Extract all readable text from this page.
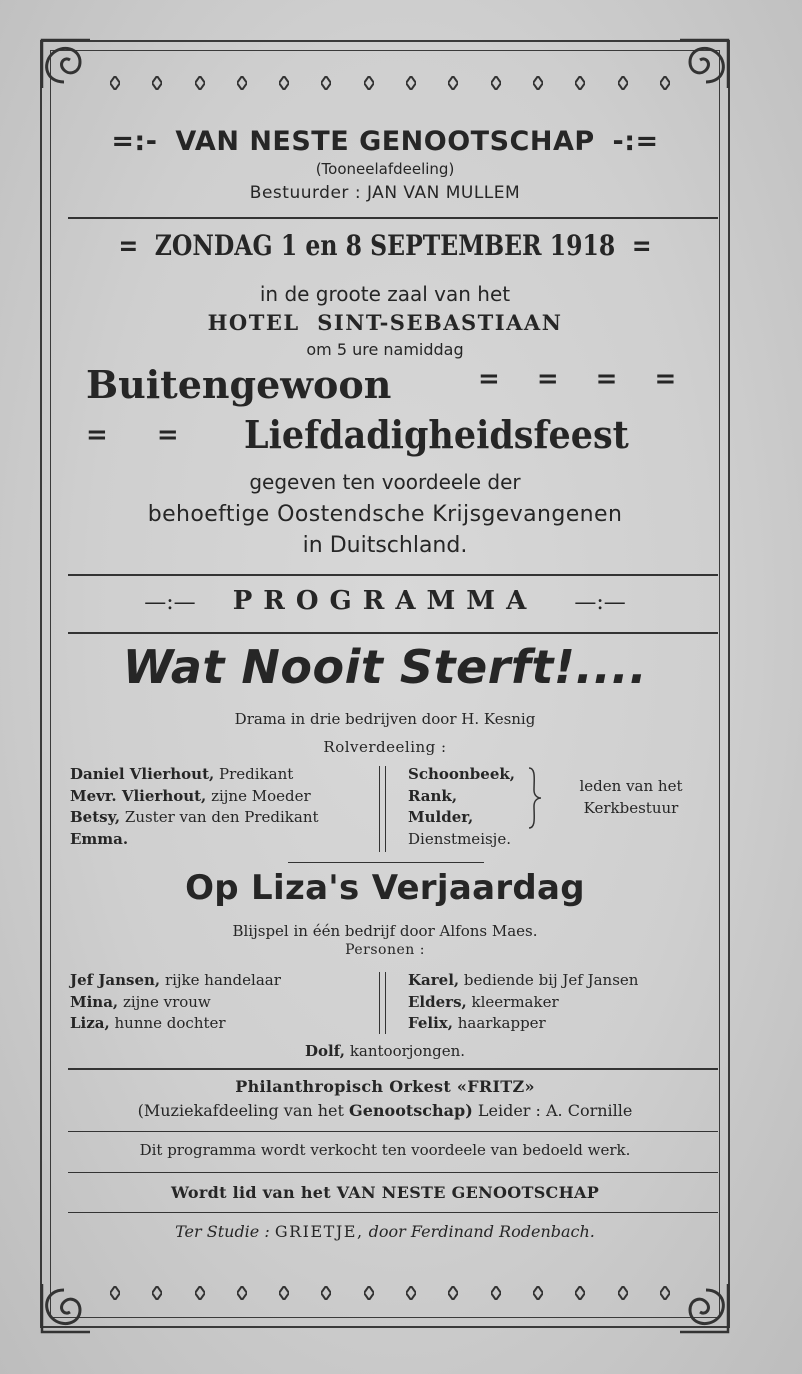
=:- VAN NESTE GENOOTSCHAP -:=
(Tooneelafdeeling)
Bestuurder : JAN VAN MULLEM
= ZONDAG 1 en 8 SEPTEMBER 1918 =
in de groote zaal van het
HOTEL  SINT-SEBASTIAAN
om 5 ure namiddag
Buitengewoon	= = = =
= = Liefdadigheidsfeest
gegeven ten voordeele der
behoeftige Oostendsche Krijsgevangenen
in Duitschland.
—:— PROGRAMMA —:—
Wat Nooit Sterft!....
Drama in drie bedrijven door H. Kesnig
Rolverdeeling :
Daniel Vlierhout, Predikant
Mevr. Vlierhout, zijne Moeder
Betsy, Zuster van den Predikant
Emma.
Schoonbeek,
Rank,
Mulder,
Dienstmeisje.
leden van het
Kerkbestuur
Op Liza's Verjaardag
Blijspel in één bedrijf door Alfons Maes.
Personen :
Jef Jansen, rijke handelaar
Mina, zijne vrouw
Liza, hunne dochter
Karel, bediende bij Jef Jansen
Elders, kleermaker
Felix, haarkapper
Dolf, kantoorjongen.
Philanthropisch Orkest «FRITZ»
(Muziekafdeeling van het Genootschap) Leider : A. Cornille
Dit programma wordt verkocht ten voordeele van bedoeld werk.
Wordt lid van het VAN NESTE GENOOTSCHAP
Ter Studie : GRIETJE, door Ferdinand Rodenbach.
